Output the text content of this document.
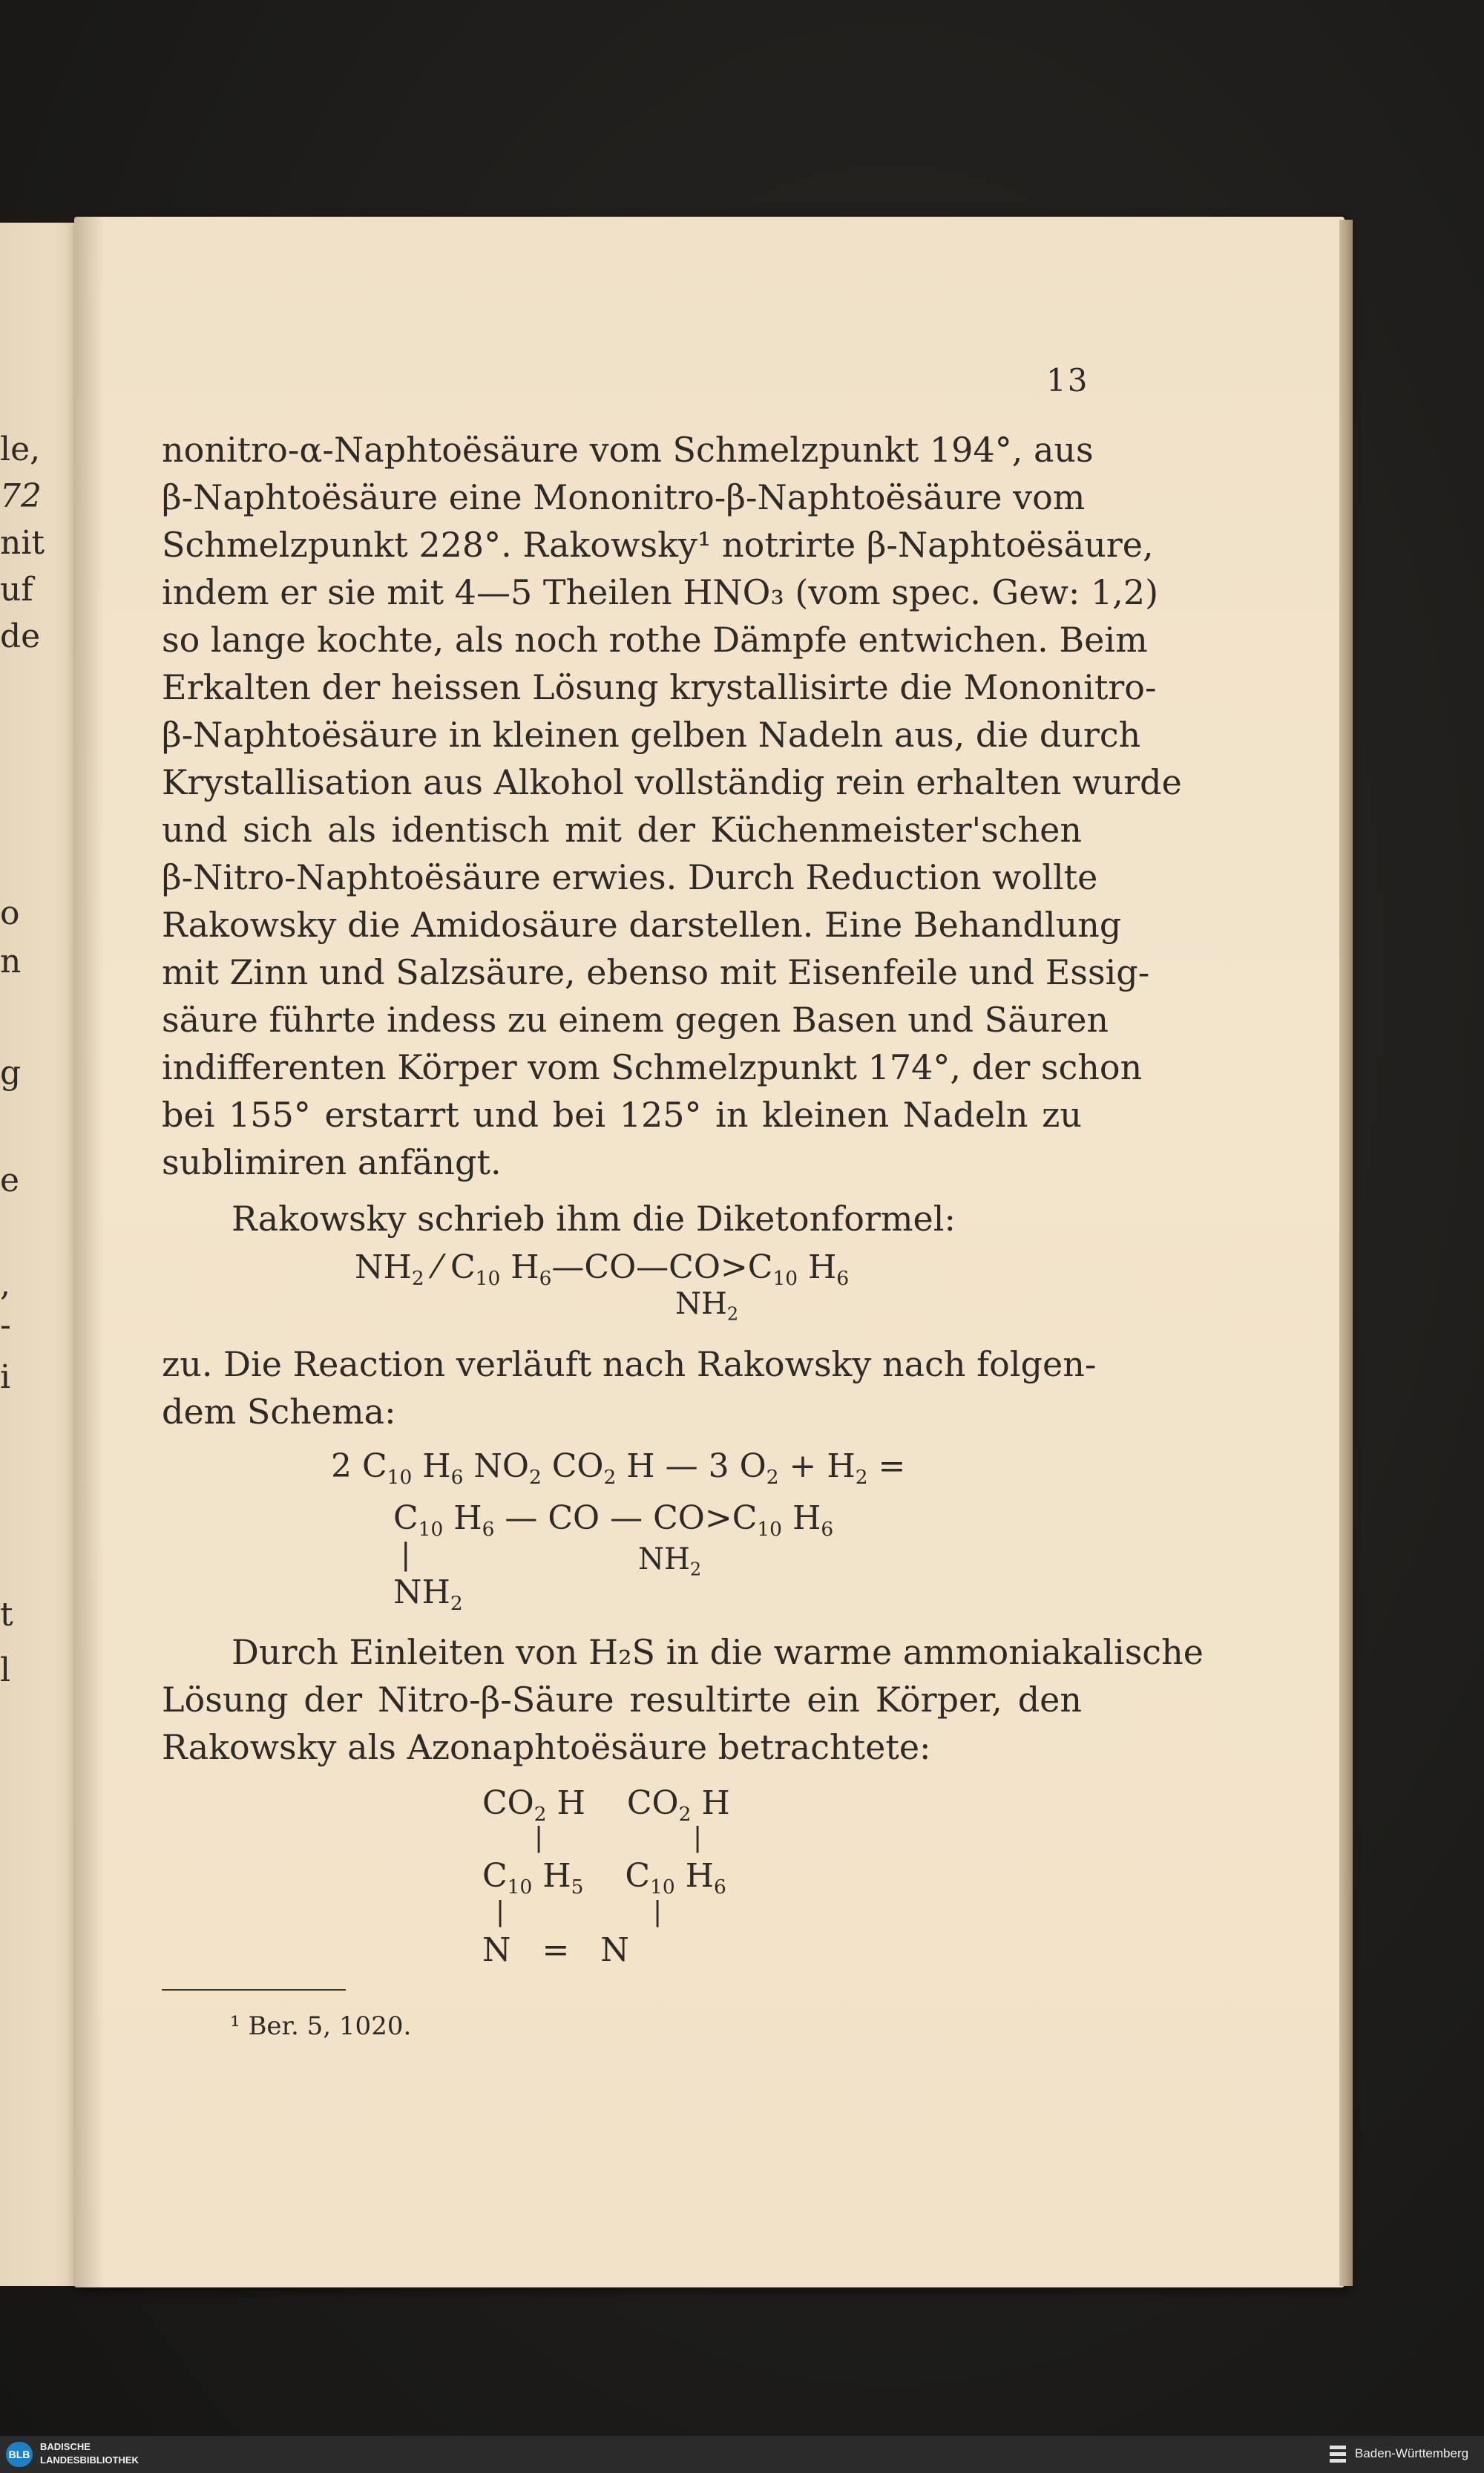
le,
72
nit
uf
de
o
n
g
e
,
-
i
t
l
13
nonitro-α-Naphtoësäure vom Schmelzpunkt 194°, aus
β-Naphtoësäure eine Mononitro-β-Naphtoësäure vom
Schmelzpunkt 228°. Rakowsky¹ notrirte β-Naphtoësäure,
indem er sie mit 4—5 Theilen HNO₃ (vom spec. Gew: 1,2)
so lange kochte, als noch rothe Dämpfe entwichen. Beim
Erkalten der heissen Lösung krystallisirte die Mononitro-
β-Naphtoësäure in kleinen gelben Nadeln aus, die durch
Krystallisation aus Alkohol vollständig rein erhalten wurde
und sich als identisch mit der Küchenmeister'schen
β-Nitro-Naphtoësäure erwies. Durch Reduction wollte
Rakowsky die Amidosäure darstellen. Eine Behandlung
mit Zinn und Salzsäure, ebenso mit Eisenfeile und Essig-
säure führte indess zu einem gegen Basen und Säuren
indifferenten Körper vom Schmelzpunkt 174°, der schon
bei 155° erstarrt und bei 125° in kleinen Nadeln zu
sublimiren anfängt.
Rakowsky schrieb ihm die Diketonformel:
$NH_2$ ⁄ $C_{10}$ $H_6—CO—CO>C_{10}$ $H_6$
$NH_2$
zu. Die Reaction verläuft nach Rakowsky nach folgen-
dem Schema:
2 $C_{10}$ $H_6$ $NO_2$ $CO_2$ H — 3 $O_2 + H_2$ =
$C_{10}$ $H_6$ — CO — $CO>C_{10}$ $H_6$
|	$NH_2$
$NH_2$
Durch Einleiten von H₂S in die warme ammoniakalische
Lösung der Nitro-β-Säure resultirte ein Körper, den
Rakowsky als Azonaphtoësäure betrachtete:
$CO_2$ H    $CO_2$ H
|	|
$C_{10}$ $H_5$    $C_{10}$ $H_6$
|	|
N   =   N
¹ Ber. 5, 1020.
BLB
BADISCHE
LANDESBIBLIOTHEK	Baden-Württemberg
